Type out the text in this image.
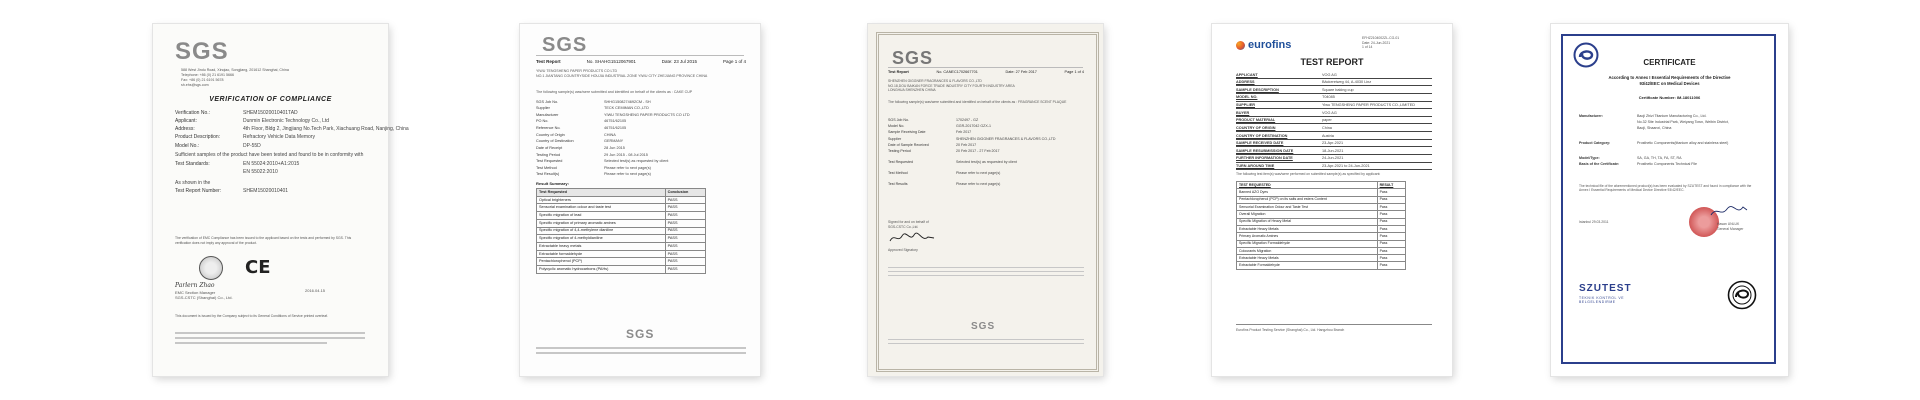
SGS
588 West Jindu Road, Xinqiao, Songjiang, 201612 Shanghai, China
Telephone: +86 (0) 21 6191 5666
Fax: +86 (0) 21 6191 5678
sh.ehs@sgs.com
VERIFICATION OF COMPLIANCE
Verification No.:	SHEM15020010401TAD
Applicant:	Dunmin Electronic Technology Co., Ltd
Address:	4th Floor, Bldg 2, Jingjiang No.Tech Park, Xiachuang Road, Nanjing, China
Product Description:	Refractory Vehicle Data Memory
Model No.:	DP-55D
Sufficient samples of the product have been tested and found to be in conformity with
Test Standards:	EN 55024:2010+A1:2015
EN 55022:2010
As shown in the
Test Report Number:	SHEM15020010401
The verification of EMC Compliance has been issued to the applicant based on the tests and performed by SGS. This verification does not imply any approval of the product.
CE
Parlern Zhao
EMC Section Manager
SGS-CSTC (Shanghai) Co., Ltd.
2016.04.15
This document is issued by the Company subject to its General Conditions of Service printed overleaf.
SGS
Test Report	No. SHAHG1512067901	Date: 23 Jul 2015	Page 1 of 4
YIWU TENGSHENG PAPER PRODUCTS CO LTD
NO.1 JIANTANG COUNTRYSIDE HOUJIA INDUSTRIAL ZONE YIWU CITY ZHEJIANG PROVINCE CHINA
The following sample(s) was/were submitted and identified on behalf of the clients as : CAKE CUP
SGS Job No.	SHHG1508274692CM - SH
Supplier	TECK CEMIMAN CO.,LTD
Manufacturer	YIWU TENGSHENG PAPER PRODUCTS CO LTD
PO No.	46751/62105
Reference No.	46751/62105
Country of Origin	CHINA
Country of Destination	GERMANY
Date of Receipt	28 Jun 2015
Testing Period	29 Jun 2015 - 08 Jul 2015
Test Requested	Selected test(s) as requested by client
Test Method	Please refer to next page(s)
Test Result(s)	Please refer to next page(s)
Result Summary:
Test Requested	Conclusion
Optical brighteners	PASS
Sensorial examination odour and taste test	PASS
Specific migration of lead	PASS
Specific migration of primary aromatic amines	PASS
Specific migration of 4,4-methylene dianiline	PASS
Specific migration of 4-methyldianiline	PASS
Extractable heavy metals	PASS
Extractable formaldehyde	PASS
Pentachlorophenol (PCP)	PASS
Polycyclic aromatic hydrocarbons (PAHs)	PASS
SGS
SGS
Test Report	No. CANEC1702667701	Date: 27 Feb 2017	Page 1 of 4
SHENZHEN GIGGNER FRAGRANCES & FLAVORS CO.,LTD
NO.18,DOU BAIKAN FORCE TRADE INDUSTRY CITY FOURTH INDUSTRY AREA
LONGHUA SHENZHEN CHINA
The following sample(s) was/were submitted and identified on behalf of the clients as : FRAGRANCE SCENT PLAQUE
SGS Job No.	1702497 - GZ
Model No.	GGR-2017042 GZX-1
Sample Receiving Date	Feb 2017
Supplier	SHENZHEN GIGGNER FRAGRANCES & FLAVORS CO.,LTD
Date of Sample Received	20 Feb 2017
Testing Period	20 Feb 2017 - 27 Feb 2017
Test Requested	Selected test(s) as requested by client
Test Method	Please refer to next page(s)
Test Results	Please refer to next page(s)
Signed for and on behalf of
SGS-CSTC Co.,Ltd.
Approved Signatory
SGS
eurofins
EFHZ2104002ZL-CG-01
Date: 24-Jun-2021
1 of 14
TEST REPORT
APPLICANT	VOG AG
ADDRESS	Bäckereiweg 44, A-4030 Linz
SAMPLE DESCRIPTION	Square baking cup
MODEL NO.	T04085
SUPPLIER	Yiwu TENGSHENG PAPER PRODUCTS CO.,LIMITED
BUYER	VOG AG
PRODUCT MATERIAL	paper
COUNTRY OF ORIGIN	China
COUNTRY OF DESTINATION	Austria
SAMPLE RECEIVED DATE	23-Apr-2021
SAMPLE RESUBMISSION DATE	18-Jun-2021
FURTHER INFORMATION DATE	24-Jun-2021
TURN AROUND TIME	23-Apr-2021 to 24-Jun-2021
The following test item(s) was/were performed on submitted sample(s) as specified by applicant:
TEST REQUESTED	RESULT
Banned AZO Dyes	Pass
Pentachlorophenol (PCP) on its salts and esters Content	Pass
Sensorial Examination Odour and Taste Test	Pass
Overall Migration	Pass
Specific Migration of Heavy Metal	Pass
Extractable Heavy Metals	Pass
Primary Aromatic Amines	Pass
Specific Migration Formaldehyde	Pass
Colourants Migration	Pass
Extractable Heavy Metals	Pass
Extractable Formaldehyde	Pass
Eurofins Product Testing Service (Shanghai) Co., Ltd. Hangzhou Branch
CERTIFICATE
According to Annex I Essential Requirements of the Directive
93/42/EEC on Medical Devices
Certificate Number: IM-18011006
Manufacturer:	Baoji Zhizi Titanium Manufacturing Co., Ltd.
No.32 Site Industrial Park, Weiyang Town, Weibin District,
Baoji, Shaanxi, China
Product Category:	Prosthetic Components(titanium alloy and stainless steel)
Model/Type:	SA, GA, TH, TA, FA, ST, RA
Basis of the Certificate:	Prosthetic Components Technical File
The technical file of the aforementioned product(s) has been evaluated by SZUTEST and found in compliance with the Annex I Essential Requirements of Medical Device Directive 93/42/EEC.
Istanbul 29.03.2011	Hasan UNLUK
General Manager
SZUTEST
TEKNIK KONTROL VE
BELGELENDIRME
